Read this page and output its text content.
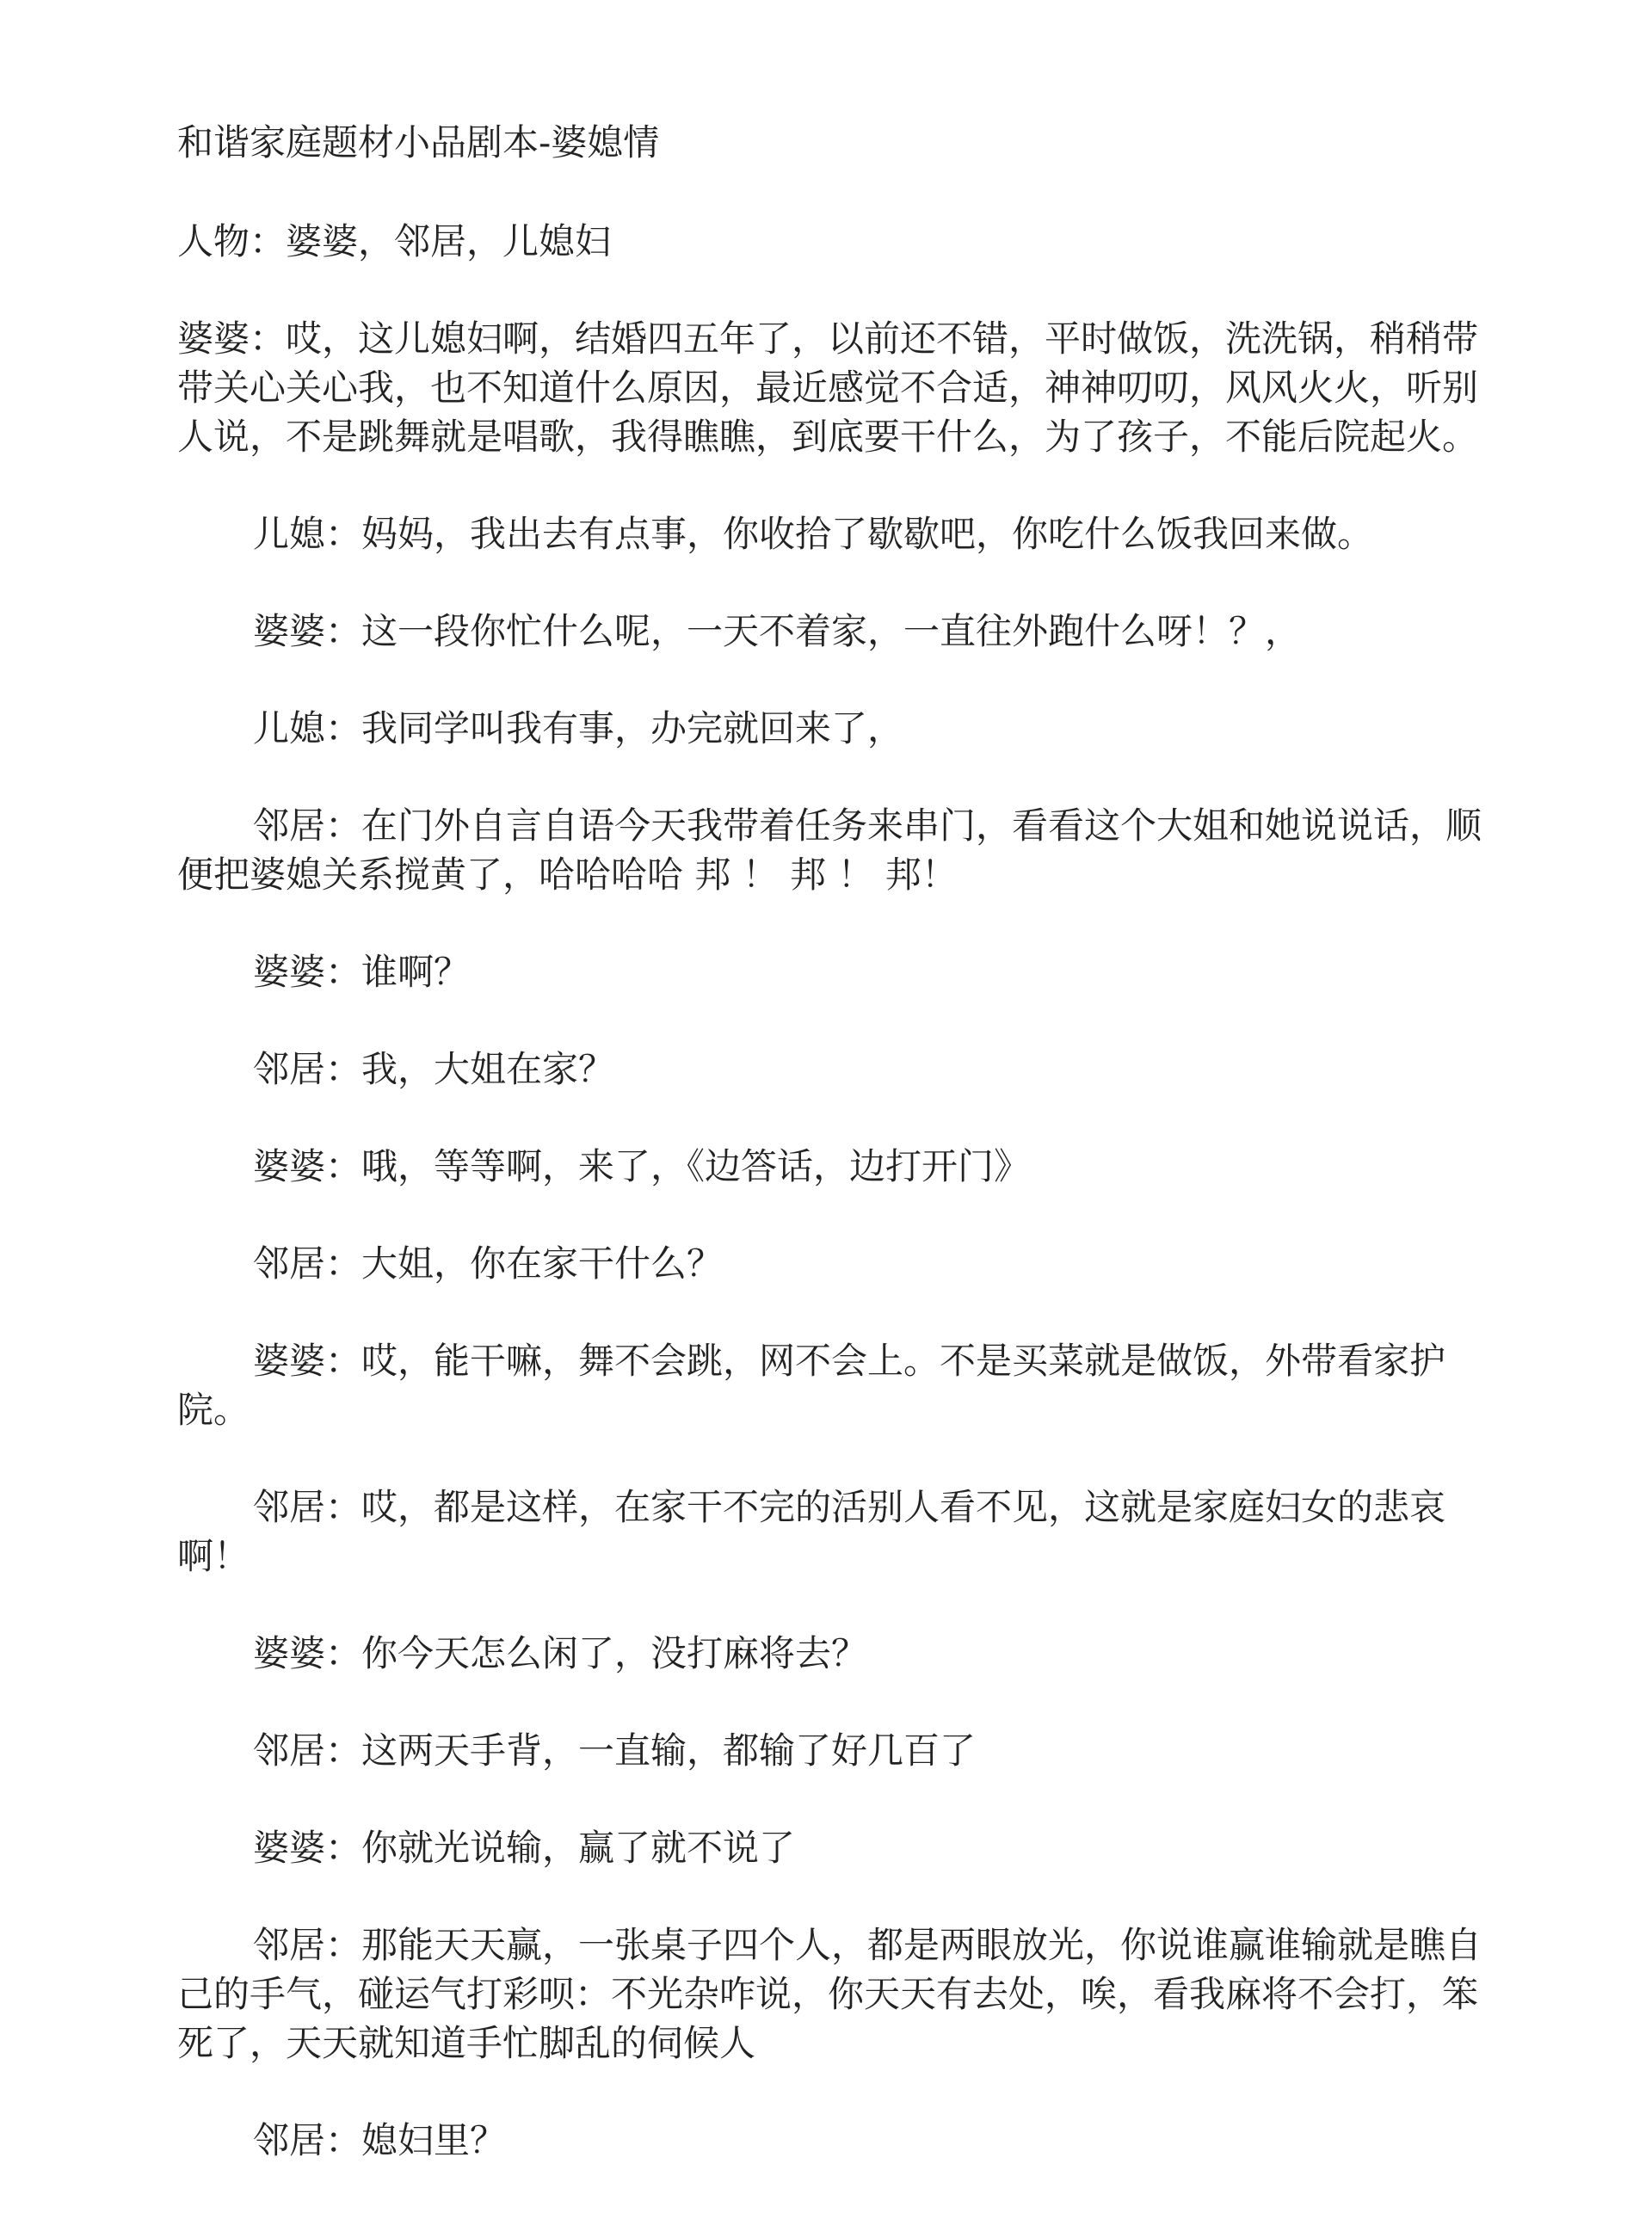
和谐家庭题材小品剧本-婆媳情

人物：婆婆，邻居，儿媳妇

婆婆：哎，这儿媳妇啊，结婚四五年了，以前还不错，平时做饭，洗洗锅，稍稍带带关心关心我，也不知道什么原因，最近感觉不合适，神神叨叨，风风火火，听别人说，不是跳舞就是唱歌，我得瞧瞧，到底要干什么，为了孩子，不能后院起火。

儿媳：妈妈，我出去有点事，你收拾了歇歇吧，你吃什么饭我回来做。

婆婆：这一段你忙什么呢，一天不着家，一直往外跑什么呀！？，

儿媳：我同学叫我有事，办完就回来了，

邻居：在门外自言自语今天我带着任务来串门，看看这个大姐和她说说话，顺便把婆媳关系搅黄了，哈哈哈哈 邦 ！ 邦 ！ 邦！

婆婆：谁啊？

邻居：我，大姐在家？

婆婆：哦，等等啊，来了，《边答话，边打开门》

邻居：大姐，你在家干什么？

婆婆：哎，能干嘛，舞不会跳，网不会上。不是买菜就是做饭，外带看家护院。

邻居：哎，都是这样，在家干不完的活别人看不见，这就是家庭妇女的悲哀啊！

婆婆：你今天怎么闲了，没打麻将去？

邻居：这两天手背，一直输，都输了好几百了

婆婆：你就光说输，赢了就不说了

邻居：那能天天赢，一张桌子四个人，都是两眼放光，你说谁赢谁输就是瞧自己的手气，碰运气打彩呗：不光杂咋说，你天天有去处，唉，看我麻将不会打，笨死了，天天就知道手忙脚乱的伺候人

邻居：媳妇里？
